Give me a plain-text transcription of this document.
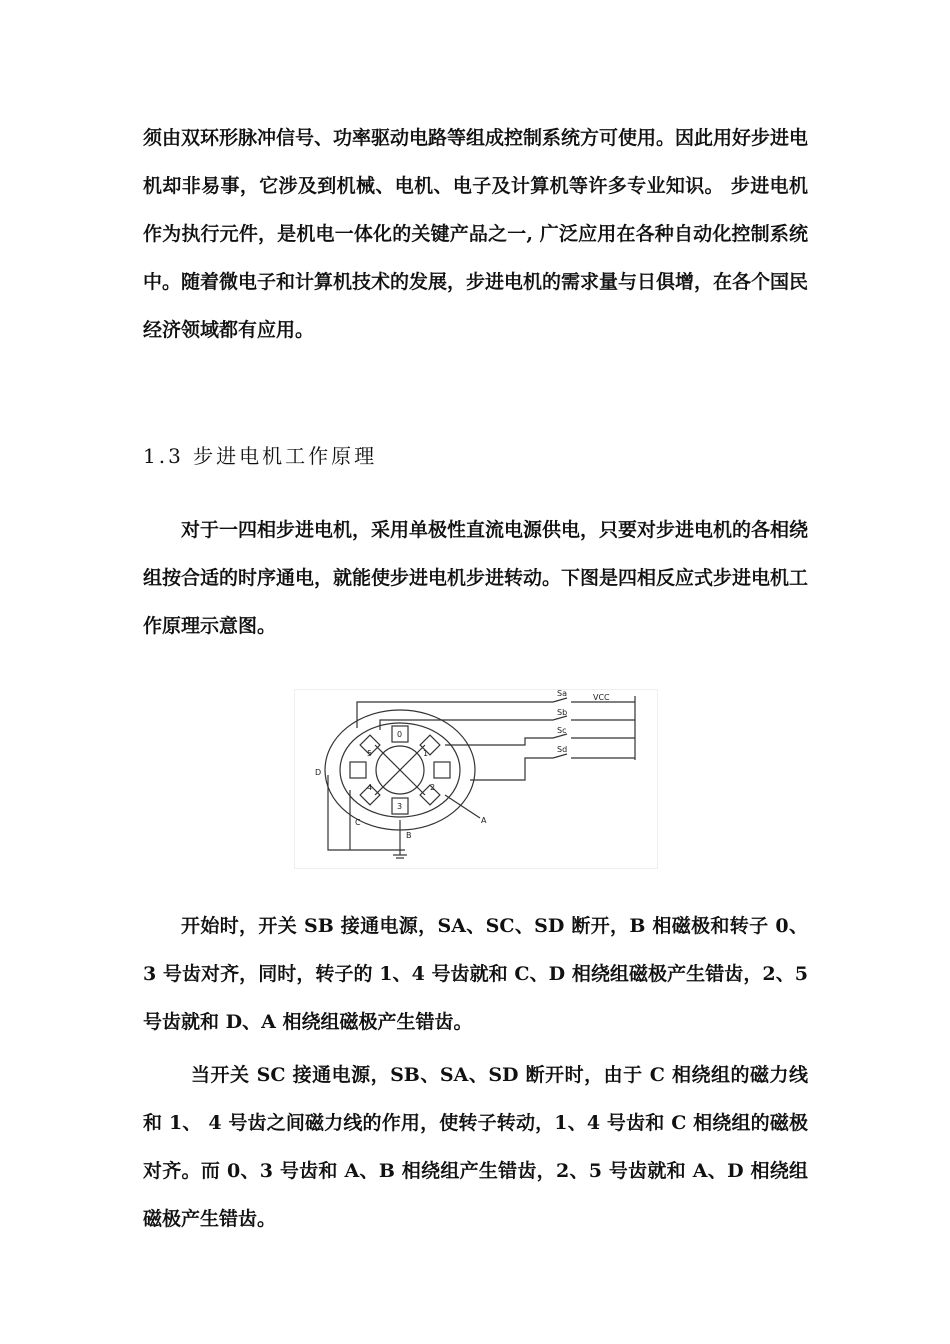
须由双环形脉冲信号、功率驱动电路等组成控制系统方可使用。因此用好步进电机却非易事，它涉及到机械、电机、电子及计算机等许多专业知识。 步进电机作为执行元件，是机电一体化的关键产品之一, 广泛应用在各种自动化控制系统中。随着微电子和计算机技术的发展，步进电机的需求量与日俱增，在各个国民经济领域都有应用。

1.3 步进电机工作原理

对于一四相步进电机，采用单极性直流电源供电，只要对步进电机的各相绕组按合适的时序通电，就能使步进电机步进转动。下图是四相反应式步进电机工作原理示意图。

VCC
Sa
Sb
Sc
Sd
A
B
C
D
0
1
2
3
4
5

开始时，开关 SB 接通电源，SA、SC、SD 断开，B 相磁极和转子 0、3 号齿对齐，同时，转子的 1、4 号齿就和 C、D 相绕组磁极产生错齿，2、5 号齿就和 D、A 相绕组磁极产生错齿。

当开关 SC 接通电源，SB、SA、SD 断开时，由于 C 相绕组的磁力线和 1、 4 号齿之间磁力线的作用，使转子转动，1、4 号齿和 C 相绕组的磁极对齐。而 0、3 号齿和 A、B 相绕组产生错齿，2、5 号齿就和 A、D 相绕组磁极产生错齿。
